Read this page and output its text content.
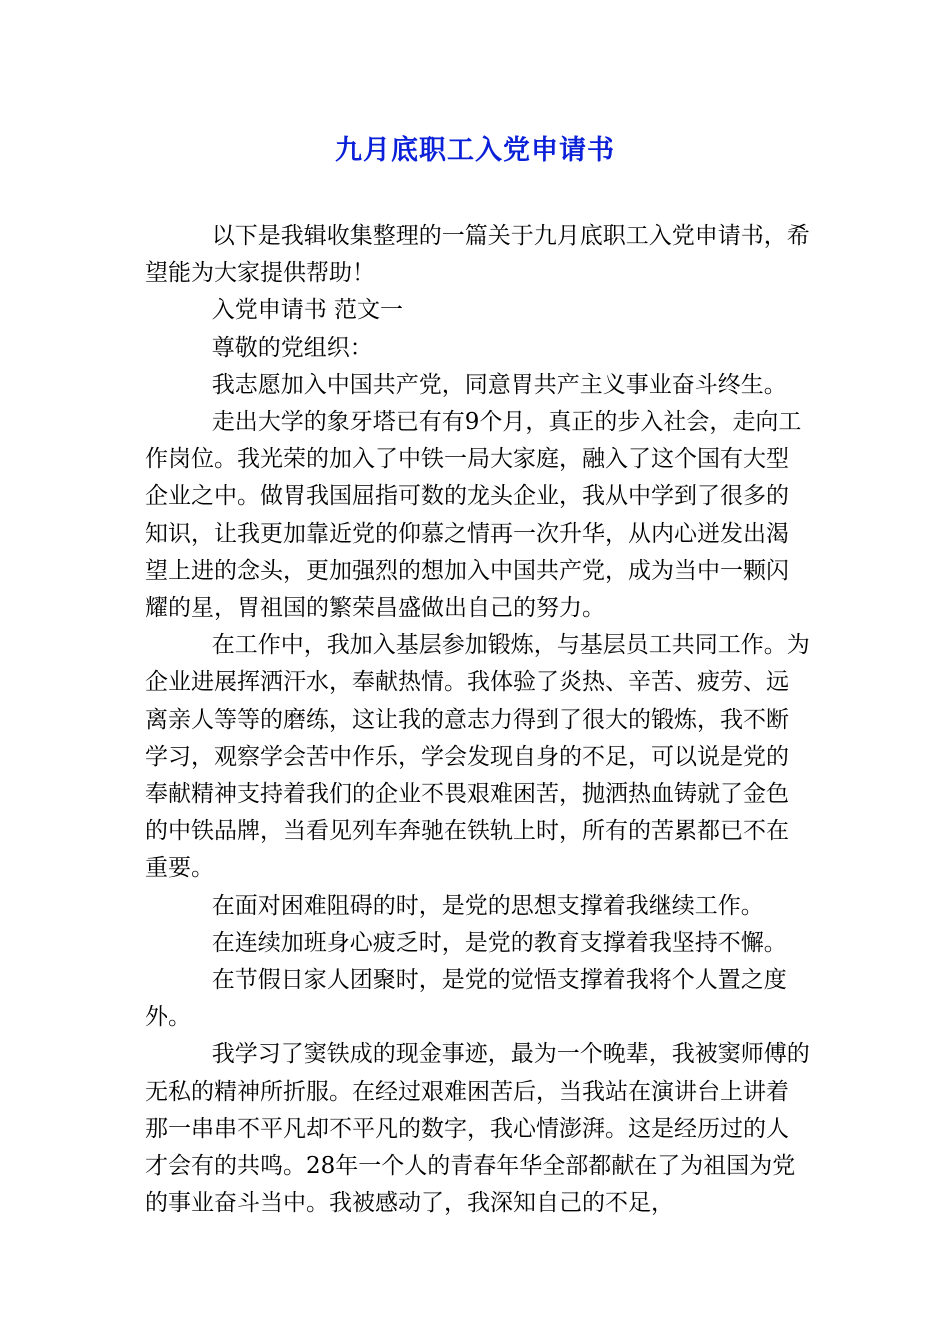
九月底职工入党申请书

以下是我辑收集整理的一篇关于九月底职工入党申请书，希望能为大家提供帮助！

入党申请书 范文一

尊敬的党组织：

我志愿加入中国共产党，同意胃共产主义事业奋斗终生。

走出大学的象牙塔已有有9个月，真正的步入社会，走向工作岗位。我光荣的加入了中铁一局大家庭，融入了这个国有大型企业之中。做胃我国屈指可数的龙头企业，我从中学到了很多的知识，让我更加靠近党的仰慕之情再一次升华，从内心迸发出渴望上进的念头，更加强烈的想加入中国共产党，成为当中一颗闪耀的星，胃祖国的繁荣昌盛做出自己的努力。

在工作中，我加入基层参加锻炼，与基层员工共同工作。为企业进展挥洒汗水，奉献热情。我体验了炎热、辛苦、疲劳、远离亲人等等的磨练，这让我的意志力得到了很大的锻炼，我不断学习，观察学会苦中作乐，学会发现自身的不足，可以说是党的奉献精神支持着我们的企业不畏艰难困苦，抛洒热血铸就了金色的中铁品牌，当看见列车奔驰在铁轨上时，所有的苦累都已不在重要。

在面对困难阻碍的时，是党的思想支撑着我继续工作。

在连续加班身心疲乏时，是党的教育支撑着我坚持不懈。

在节假日家人团聚时，是党的觉悟支撑着我将个人置之度外。

我学习了窦铁成的现金事迹，最为一个晚辈，我被窦师傅的无私的精神所折服。在经过艰难困苦后，当我站在演讲台上讲着那一串串不平凡却不平凡的数字，我心情澎湃。这是经历过的人才会有的共鸣。28年一个人的青春年华全部都献在了为祖国为党的事业奋斗当中。我被感动了，我深知自己的不足，
